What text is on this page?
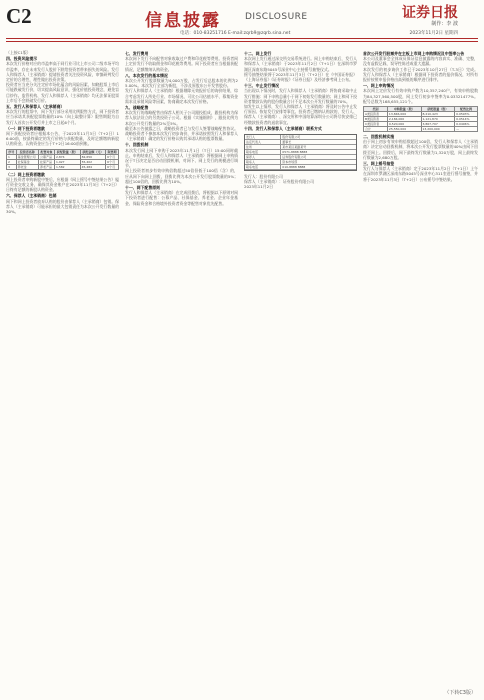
C2	信息披露	DISCLOSURE	证券日报
制作：李 波
电话：010-83251716 E-mail:zqrb9@zqrb.sina.net	2023年11月2日 星期四

（上接C1版）

四、投资风险提示

本次发行价格对应的市盈率高于同行业可比上市公司二级市场平均市盈率，存在未来发行人股价下跌给投资者带来损失的风险。发行人和保荐人（主承销商）提请投资者关注投资风险，审慎研判发行定价的合理性，理性做出投资决策。

投资者应当充分关注定价市场化蕴含的风险因素，知晓股票上市后可能跌破发行价，切实提高风险意识，强化价值投资理念，避免盲目炒作。监管机构、发行人和保荐人（主承销商）均无法保证股票上市后不会跌破发行价。

五、发行人和保荐人（主承销商）

本次发行的股票中，网下发行部分采用比例限售方式，网下投资者应当承诺其获配股票数量的10%（向上取整计算）限售期限为自发行人首次公开发行并上市之日起6个月。

（一）网下投资者缴款

网下获配投资者应根据本公告，于2023年11月3日（T+2日）16:00前，按最终确定的发行价格与获配数量，及时足额缴纳新股认购资金。认购资金应当于T+2日16:00前到账。

序号	投资者名称	配售对象	获配数量（股）	获配金额（元）	限售期
1	基金管理公司	公募产品	2,874	82,650	6个月
2	社保基金	社保产品	1,927	55,402	6个月
3	养老金	养老产品	1,582	45,484	6个月

（二）网上投资者缴款

网上投资者申购新股中签后，应根据《网上摇号中签结果公告》履行资金交收义务，确保其资金账户在2023年11月3日（T+2日）日终有足额的新股认购资金。

六、保荐人（主承销商）包销

网下和网上投资者放弃认购的股份由保荐人（主承销商）包销。保荐人（主承销商）可能承担的最大包销责任为本次公开发行数量的30%。

七、发行费用

本次网下发行不向配售对象收取过户费和印花税等费用。投资者网上定价发行不收取佣金和印花税等费用。网下投资者应当根据获配情况，足额缴纳认购资金。

八、本次发行的基本情况

本次公开发行股票数量为4,000万股，占发行后总股本的比例为25.00%。本次发行全部为新股，不涉及原股东公开发售股份。

发行人和保荐人（主承销商）根据剔除无效报价后的询价结果，综合考虑发行人所处行业、市场情况、可比公司估值水平、募集资金需求及承销风险等因素，协商确定本次发行价格。

九、战略配售

本次发行的战略配售由保荐人相关子公司跟投组成，跟投机构为保荐人依法设立的另类投资子公司。根据《实施细则》，跟投比例为本次公开发行数量的2%至5%。

截至本公告披露之日，战略投资者已与发行人签署战略配售协议。战略投资者不参加本次发行初步询价，并承诺按照发行人和保荐人（主承销商）确定的发行价格认购其承诺认购的股票数量。

十、回拨机制

本次发行网上网下申购于2023年11月1日（T日）15:00同时截止。申购结束后，发行人和保荐人（主承销商）将根据网上申购情况于T日决定是否启动回拨机制，对网下、网上发行的规模进行调节。

网上投资者初步有效申购倍数超过50倍但低于100倍（含）的，应从网下向网上回拨，回拨比例为本次公开发行股票数量的5%；超过100倍的，回拨比例为10%。

十一、网下配售原则

发行人和保荐人（主承销商）在完成回拨后，将根据以下原则对网下投资者进行配售：公募产品、社保基金、养老金、企业年金基金、保险资金和合格境外投资者资金等配售对象优先配售。

十二、网上发行

本次网上发行通过深交所交易系统进行。网上申购结束后，发行人和保荐人（主承销商）于2023年11月2日（T+1日）在深圳市罗湖区深南东路5045号深业中心主持摇号抽签仪式。

摇号抽签结果将于2023年11月3日（T+2日）在《中国证券报》《上海证券报》《证券时报》《证券日报》及经济参考网上公布。

十三、中止发行情况

当出现以下情况时，发行人和保荐人（主承销商）将协商采取中止发行措施：网下申购总量小于网下初始发行数量的；网上和网下投资者缴款认购的股份数量合计不足本次公开发行数量的70%。

如发生以上情形，发行人和保荐人（主承销商）将及时公告中止发行原因、恢复发行安排等事宜。投资者已缴纳认购款的，发行人、保荐人（主承销商）、深交所和中国结算深圳分公司将尽快安排已经缴款投资者的退款事宜。

十四、发行人和保荐人（主承销商）联系方式

发行人	股份有限公司
法定代表人	董事长
住所	某市某区某路某号
联系电话	0571-8888 8888
保荐人	证券股份有限公司
联系人	资本市场部
联系电话	010-8888 8888

发行人：股份有限公司

保荐人（主承销商）：证券股份有限公司

2023年11月2日

首次公开发行股票并在主板上市网上申购情况及中签率公告

本公司及董事会全体成员保证信息披露的内容真实、准确、完整，没有虚假记载、误导性陈述或重大遗漏。

本次发行的初步询价工作已于2023年10月27日（T-3日）完成。发行人和保荐人（主承销商）根据网下投资者的报价情况，对所有报价按照申报价格由高到低的顺序进行排序。

一、网上申购情况

本次网上定价发行有效申购户数为10,357,240户，有效申购股数为84,327,560,500股，网上发行初步中签率为0.03321477%。配号总数为168,655,121个。

类别	申购数量（股）	获配数量（股）	配售比例
A类投资者	13,846,000	8,210,423	0.0593%
B类投资者	2,184,000	1,121,870	0.0514%
C类投资者	9,520,000	3,867,707	0.0406%
合计	25,550,000	13,200,000	—

二、回拨机制实施

由于网上初步有效申购倍数超过100倍，发行人和保荐人（主承销商）决定启动回拨机制，将本次公开发行股票数量的40%由网下回拨至网上。回拨后，网下最终发行数量为1,320万股，网上最终发行数量为2,680万股。

三、网上摇号抽签

发行人与保荐人（主承销商）定于2023年11月2日（T+1日）上午在深圳市罗湖区深南东路5045号深业中心311室进行摇号抽签，并将于2023年11月3日（T+2日）公布摇号中签结果。

（下转C3版）
